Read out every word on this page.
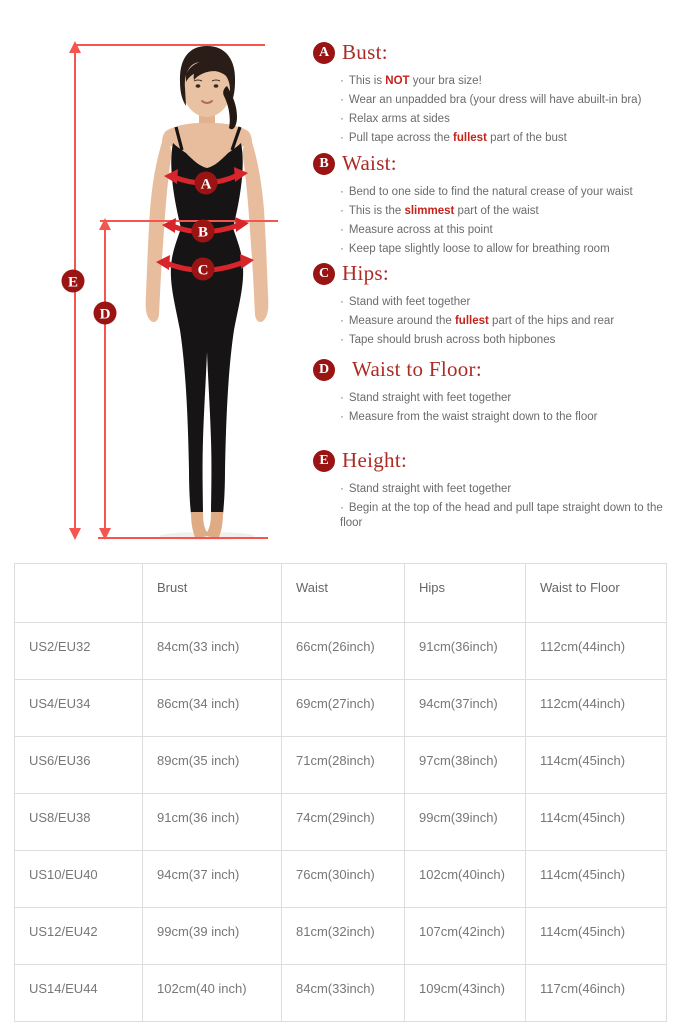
A
B
C
D
E
A Bust:
· This is NOT your bra size!
· Wear an unpadded bra (your dress will have abuilt-in bra)
· Relax arms at sides
· Pull tape across the fullest part of the bust
B Waist:
· Bend to one side to find the natural crease of your waist
· This is the slimmest part of the waist
· Measure across at this point
· Keep tape slightly loose to allow for breathing room
C Hips:
· Stand with feet together
· Measure around the fullest part of the hips and rear
· Tape should brush across both hipbones
D Waist to Floor:
· Stand straight with feet together
· Measure from the waist straight down to the floor
E Height:
· Stand straight with feet together
· Begin at the top of the head and pull tape straight down to the floor
	Brust	Waist	Hips	Waist to Floor
US2/EU32	84cm(33 inch)	66cm(26inch)	91cm(36inch)	112cm(44inch)
US4/EU34	86cm(34 inch)	69cm(27inch)	94cm(37inch)	112cm(44inch)
US6/EU36	89cm(35 inch)	71cm(28inch)	97cm(38inch)	114cm(45inch)
US8/EU38	91cm(36 inch)	74cm(29inch)	99cm(39inch)	114cm(45inch)
US10/EU40	94cm(37 inch)	76cm(30inch)	102cm(40inch)	114cm(45inch)
US12/EU42	99cm(39 inch)	81cm(32inch)	107cm(42inch)	114cm(45inch)
US14/EU44	102cm(40 inch)	84cm(33inch)	109cm(43inch)	117cm(46inch)
